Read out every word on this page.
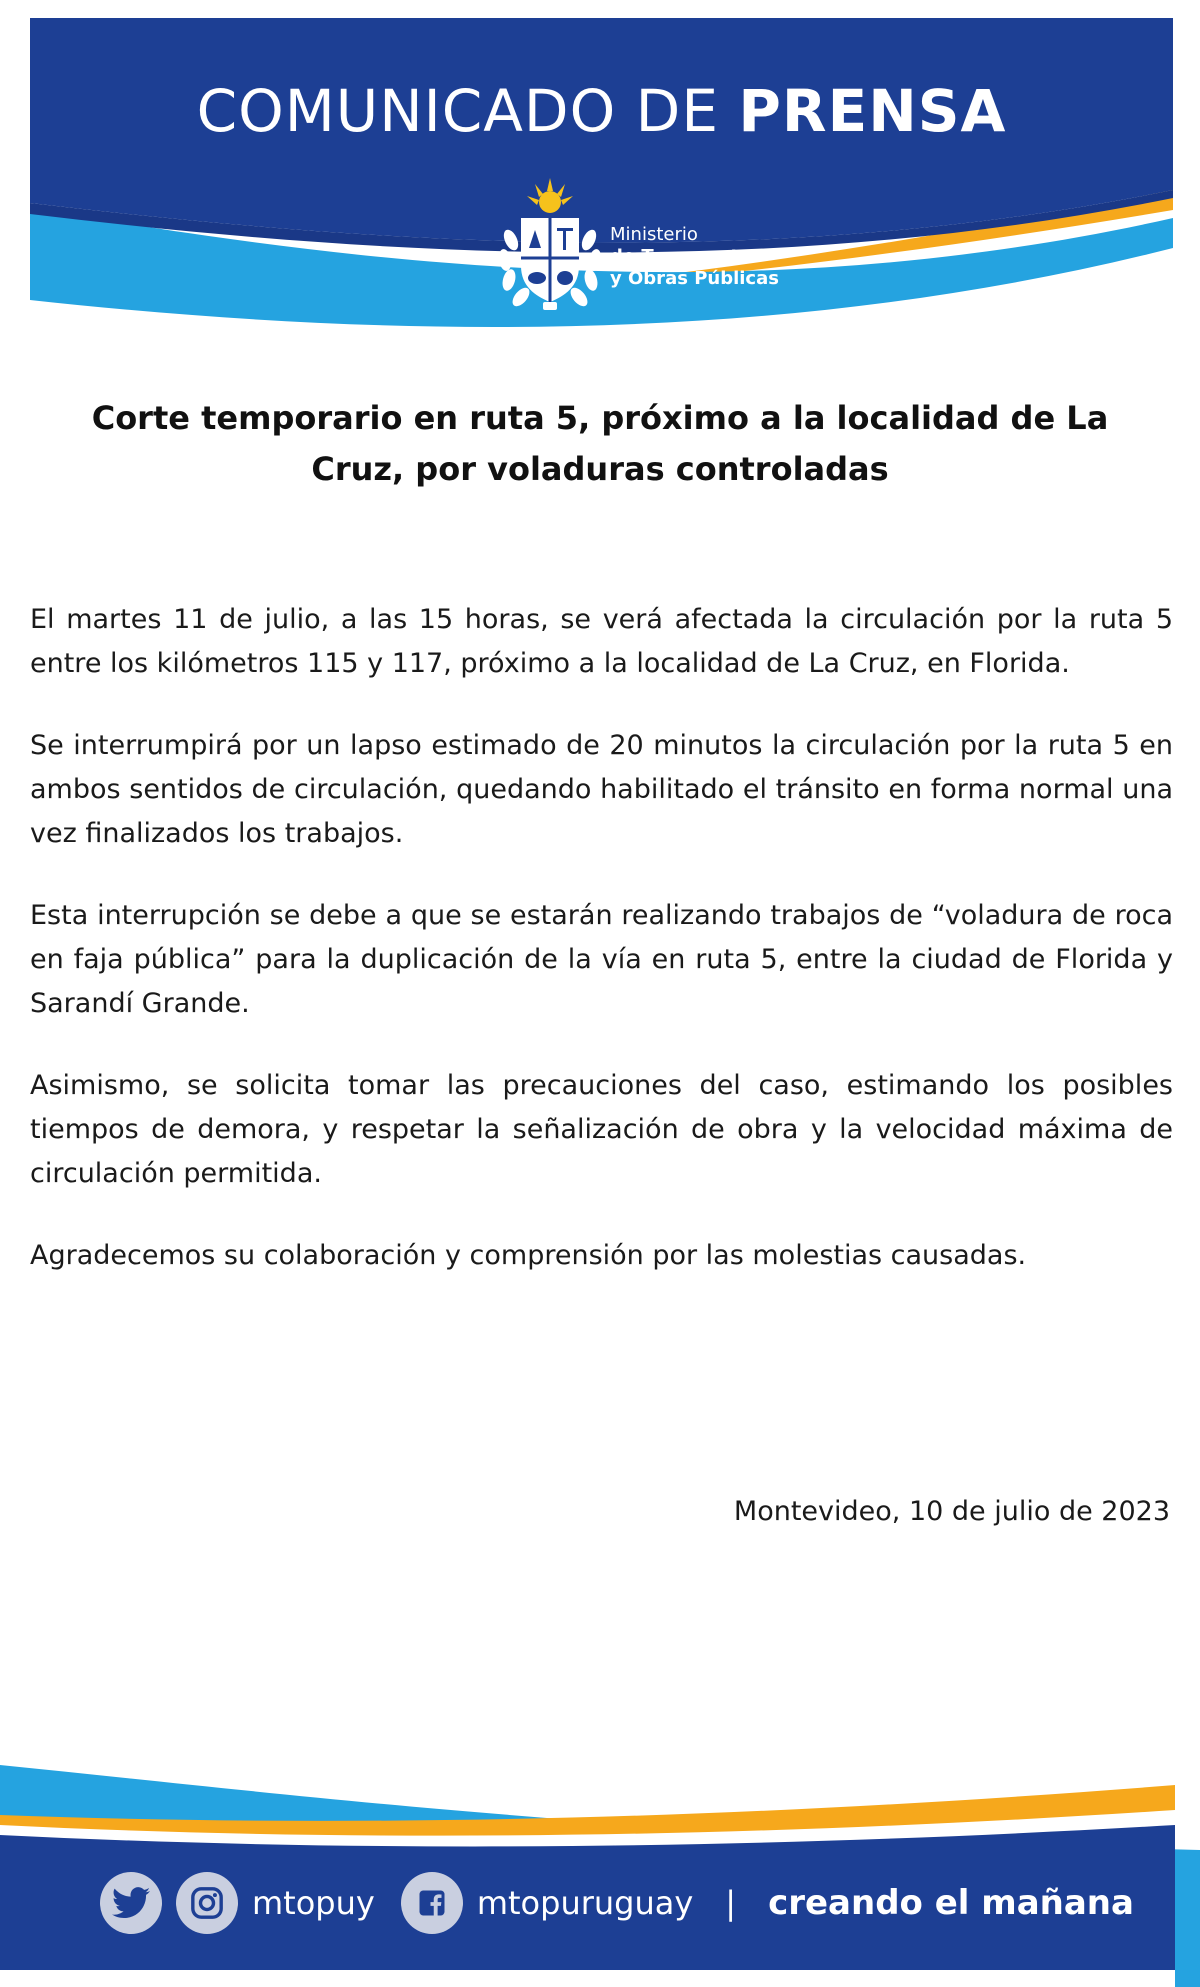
COMUNICADO DE PRENSA
Ministerio
de Transporte
y Obras Públicas
Corte temporario en ruta 5, próximo a la localidad de La Cruz, por voladuras controladas

El martes 11 de julio, a las 15 horas, se verá afectada la circulación por la ruta 5 entre los kilómetros 115 y 117, próximo a la localidad de La Cruz, en Florida.

Se interrumpirá por un lapso estimado de 20 minutos la circulación por la ruta 5 en ambos sentidos de circulación, quedando habilitado el tránsito en forma normal una vez finalizados los trabajos.

Esta interrupción se debe a que se estarán realizando trabajos de “voladura de roca en faja pública” para la duplicación de la vía en ruta 5, entre la ciudad de Florida y Sarandí Grande.

Asimismo, se solicita tomar las precauciones del caso, estimando los posibles tiempos de demora, y respetar la señalización de obra y la velocidad máxima de circulación permitida.

Agradecemos su colaboración y comprensión por las molestias causadas.

Montevideo, 10 de julio de 2023
mtopuy	mtopuruguay | creando el mañana
